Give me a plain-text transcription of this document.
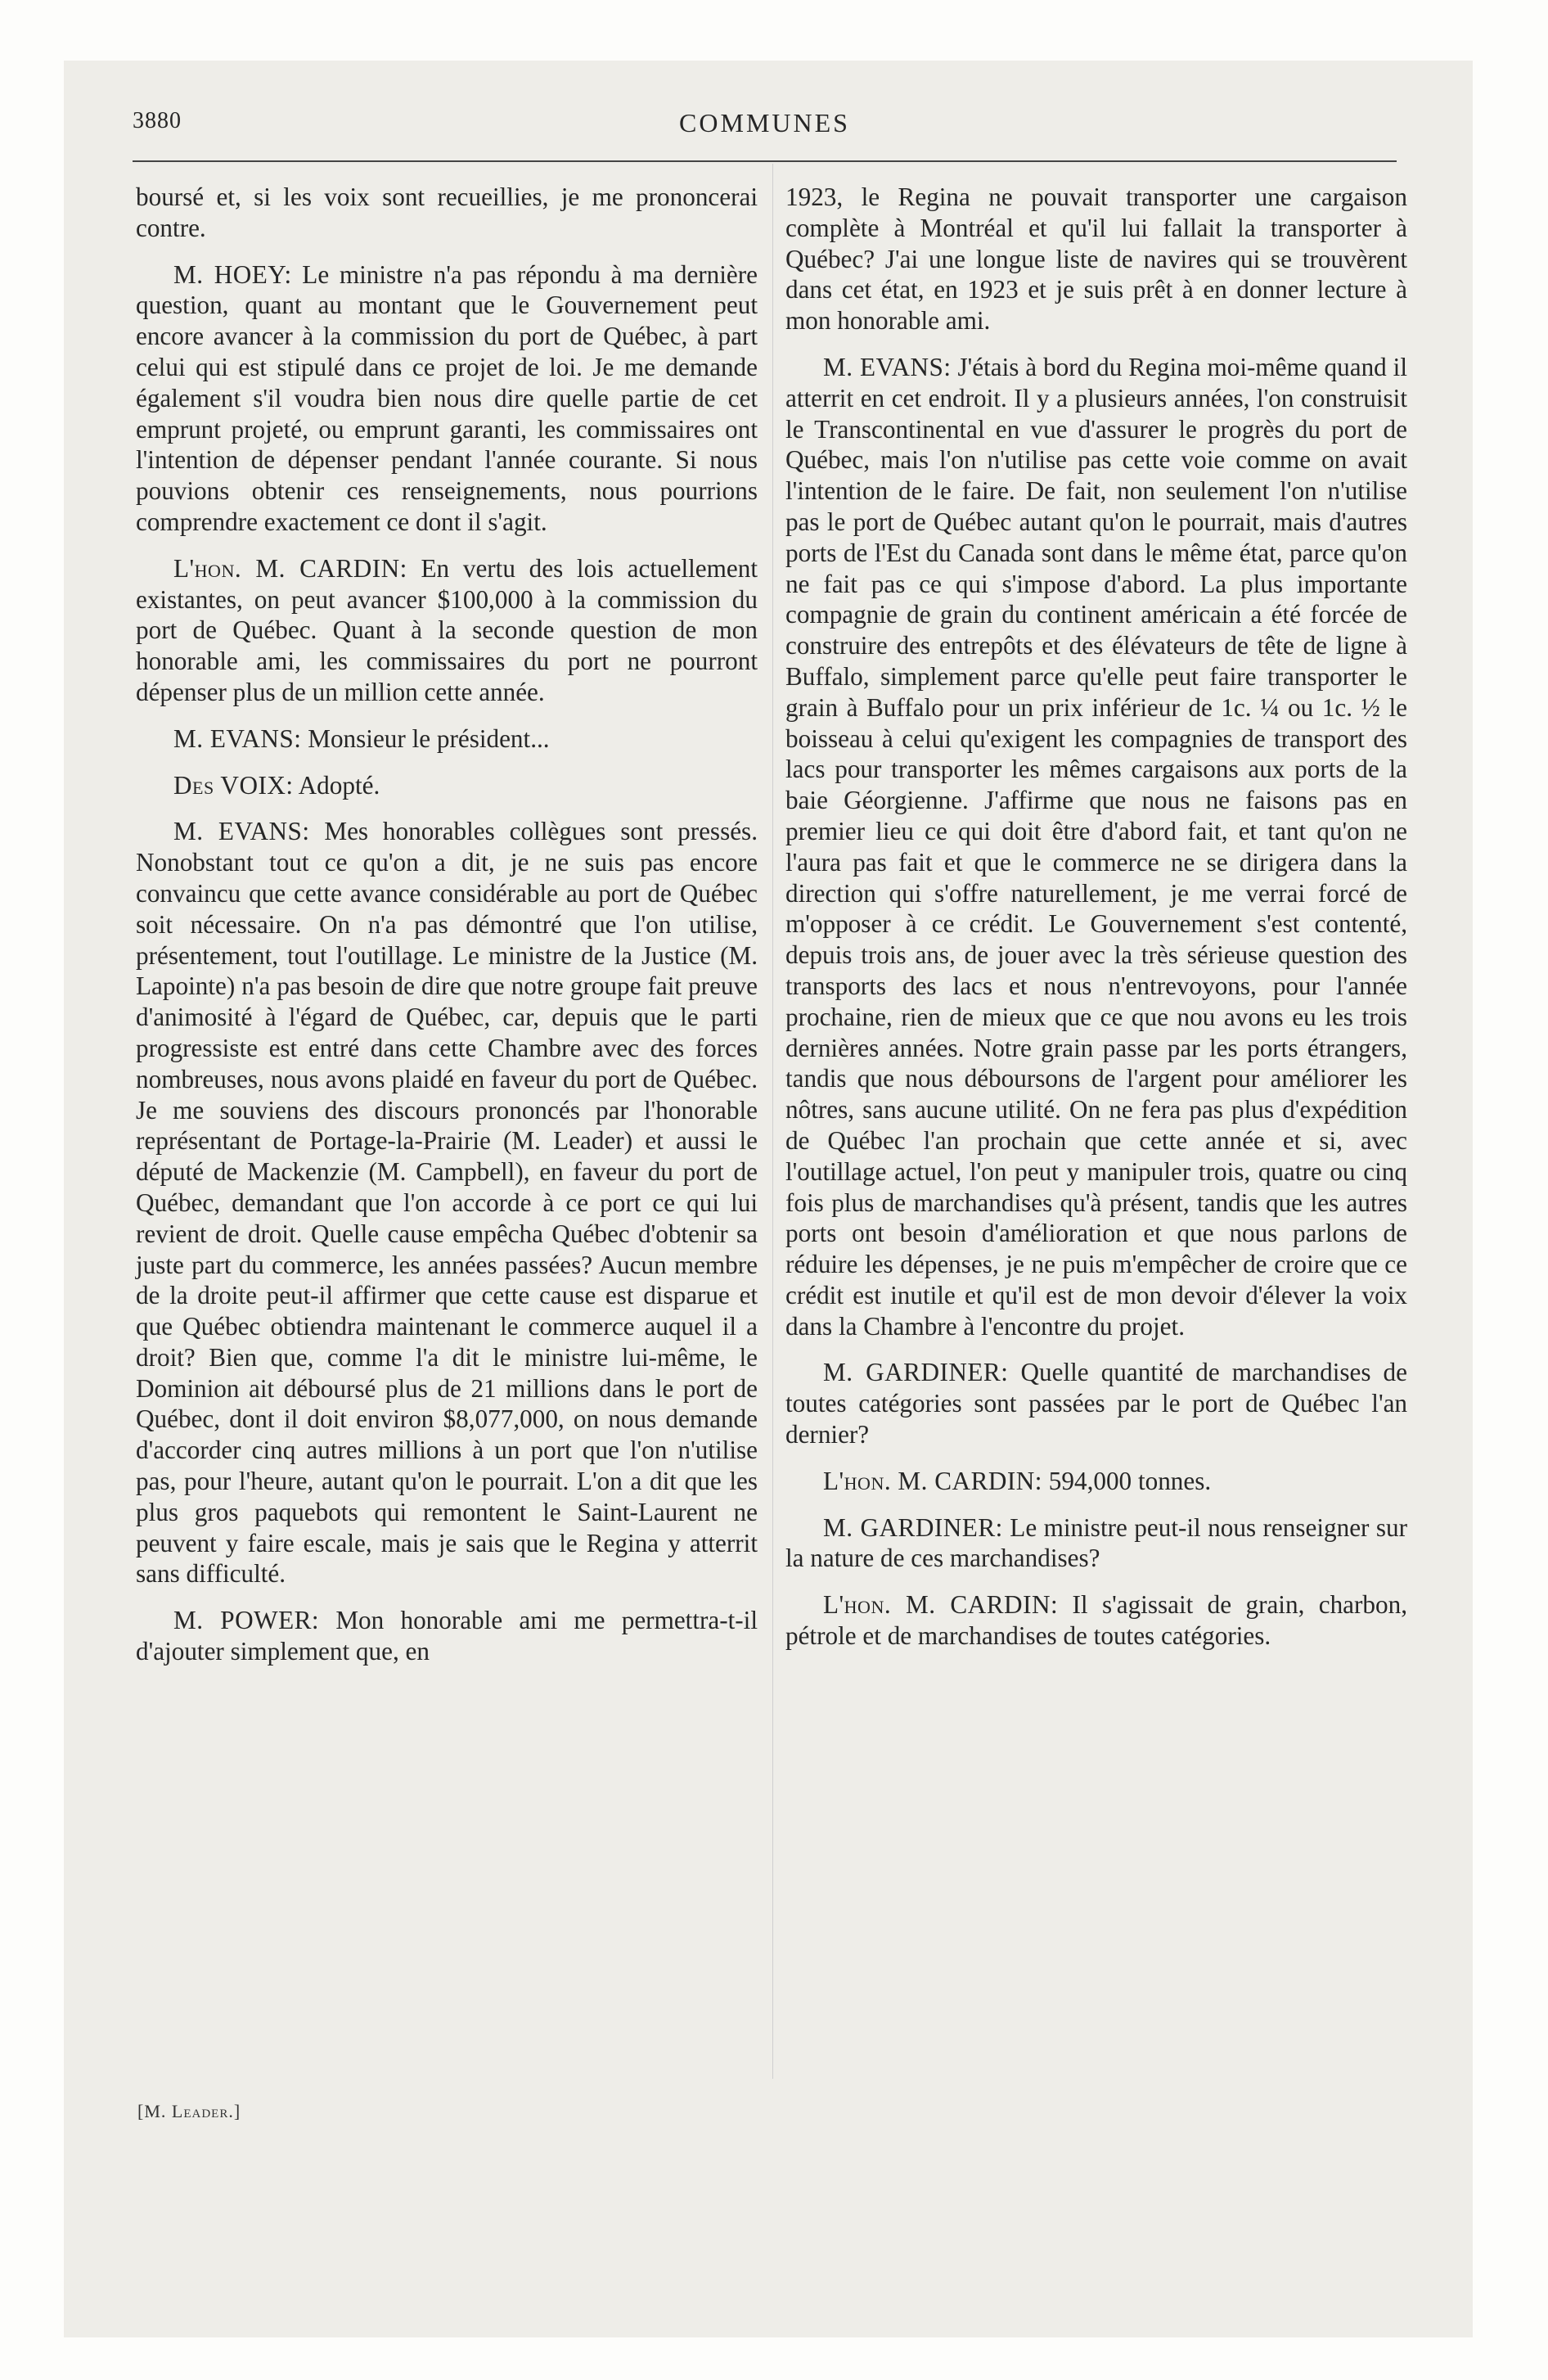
3880	COMMUNES

boursé et, si les voix sont recueillies, je me prononcerai contre.

M. HOEY: Le ministre n'a pas répondu à ma dernière question, quant au montant que le Gouvernement peut encore avancer à la commission du port de Québec, à part celui qui est stipulé dans ce projet de loi. Je me demande également s'il voudra bien nous dire quelle partie de cet emprunt projeté, ou emprunt garanti, les commissaires ont l'intention de dépenser pendant l'année courante. Si nous pouvions obtenir ces renseignements, nous pourrions comprendre exactement ce dont il s'agit.

L'hon. M. CARDIN: En vertu des lois actuellement existantes, on peut avancer $100,000 à la commission du port de Québec. Quant à la seconde question de mon honorable ami, les commissaires du port ne pourront dépenser plus de un million cette année.

M. EVANS: Monsieur le président...

Des VOIX: Adopté.

M. EVANS: Mes honorables collègues sont pressés. Nonobstant tout ce qu'on a dit, je ne suis pas encore convaincu que cette avance considérable au port de Québec soit nécessaire. On n'a pas démontré que l'on utilise, présentement, tout l'outillage. Le ministre de la Justice (M. Lapointe) n'a pas besoin de dire que notre groupe fait preuve d'animosité à l'égard de Québec, car, depuis que le parti progressiste est entré dans cette Chambre avec des forces nombreuses, nous avons plaidé en faveur du port de Québec. Je me souviens des discours prononcés par l'honorable représentant de Portage-la-Prairie (M. Leader) et aussi le député de Mackenzie (M. Campbell), en faveur du port de Québec, demandant que l'on accorde à ce port ce qui lui revient de droit. Quelle cause empêcha Québec d'obtenir sa juste part du commerce, les années passées? Aucun membre de la droite peut-il affirmer que cette cause est disparue et que Québec obtiendra maintenant le commerce auquel il a droit? Bien que, comme l'a dit le ministre lui-même, le Dominion ait déboursé plus de 21 millions dans le port de Québec, dont il doit environ $8,077,000, on nous demande d'accorder cinq autres millions à un port que l'on n'utilise pas, pour l'heure, autant qu'on le pourrait. L'on a dit que les plus gros paquebots qui remontent le Saint-Laurent ne peuvent y faire escale, mais je sais que le Regina y atterrit sans difficulté.

M. POWER: Mon honorable ami me permettra-t-il d'ajouter simplement que, en

1923, le Regina ne pouvait transporter une cargaison complète à Montréal et qu'il lui fallait la transporter à Québec? J'ai une longue liste de navires qui se trouvèrent dans cet état, en 1923 et je suis prêt à en donner lecture à mon honorable ami.

M. EVANS: J'étais à bord du Regina moi-même quand il atterrit en cet endroit. Il y a plusieurs années, l'on construisit le Transcontinental en vue d'assurer le progrès du port de Québec, mais l'on n'utilise pas cette voie comme on avait l'intention de le faire. De fait, non seulement l'on n'utilise pas le port de Québec autant qu'on le pourrait, mais d'autres ports de l'Est du Canada sont dans le même état, parce qu'on ne fait pas ce qui s'impose d'abord. La plus importante compagnie de grain du continent américain a été forcée de construire des entrepôts et des élévateurs de tête de ligne à Buffalo, simplement parce qu'elle peut faire transporter le grain à Buffalo pour un prix inférieur de 1c. ¼ ou 1c. ½ le boisseau à celui qu'exigent les compagnies de transport des lacs pour transporter les mêmes cargaisons aux ports de la baie Géorgienne. J'affirme que nous ne faisons pas en premier lieu ce qui doit être d'abord fait, et tant qu'on ne l'aura pas fait et que le commerce ne se dirigera dans la direction qui s'offre naturellement, je me verrai forcé de m'opposer à ce crédit. Le Gouvernement s'est contenté, depuis trois ans, de jouer avec la très sérieuse question des transports des lacs et nous n'entrevoyons, pour l'année prochaine, rien de mieux que ce que nou avons eu les trois dernières années. Notre grain passe par les ports étrangers, tandis que nous déboursons de l'argent pour améliorer les nôtres, sans aucune utilité. On ne fera pas plus d'expédition de Québec l'an prochain que cette année et si, avec l'outillage actuel, l'on peut y manipuler trois, quatre ou cinq fois plus de marchandises qu'à présent, tandis que les autres ports ont besoin d'amélioration et que nous parlons de réduire les dépenses, je ne puis m'empêcher de croire que ce crédit est inutile et qu'il est de mon devoir d'élever la voix dans la Chambre à l'encontre du projet.

M. GARDINER: Quelle quantité de marchandises de toutes catégories sont passées par le port de Québec l'an dernier?

L'hon. M. CARDIN: 594,000 tonnes.

M. GARDINER: Le ministre peut-il nous renseigner sur la nature de ces marchandises?

L'hon. M. CARDIN: Il s'agissait de grain, charbon, pétrole et de marchandises de toutes catégories.

[M. Leader.]
